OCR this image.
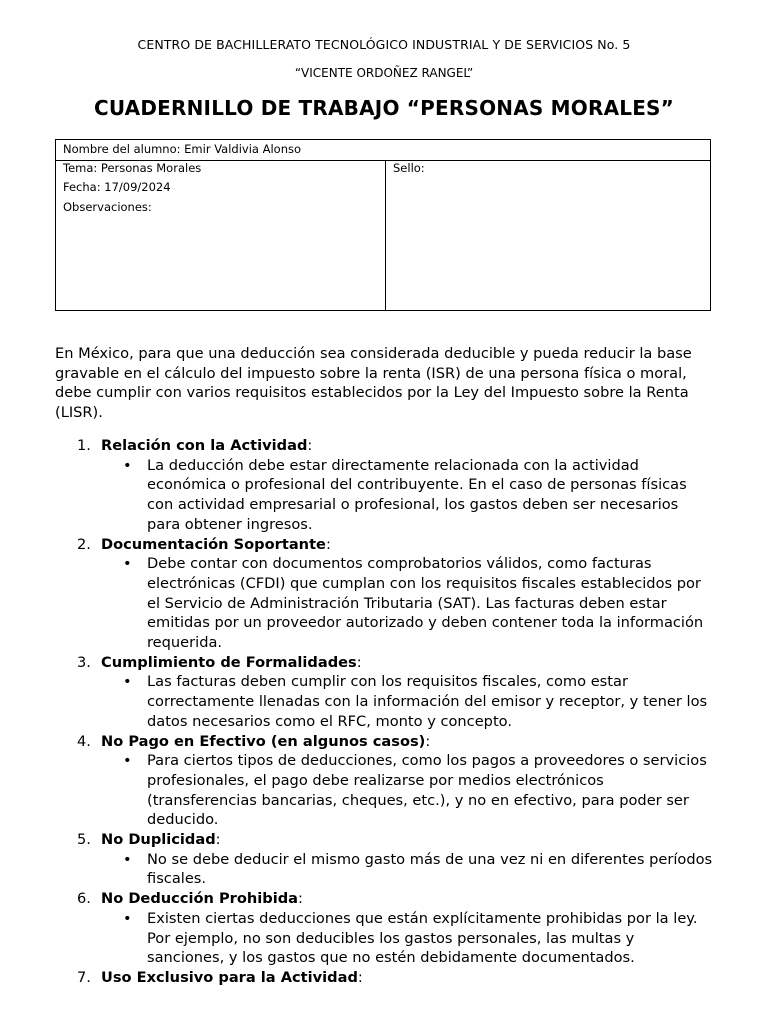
CENTRO DE BACHILLERATO TECNOLÓGICO INDUSTRIAL Y DE SERVICIOS No. 5
“VICENTE ORDOÑEZ RANGEL”
CUADERNILLO DE TRABAJO “PERSONAS MORALES”
Nombre del alumno: Emir Valdivia Alonso
Tema: Personas Morales
Fecha: 17/09/2024
Observaciones:
Sello:
En México, para que una deducción sea considerada deducible y pueda reducir la base gravable en el cálculo del impuesto sobre la renta (ISR) de una persona física o moral, debe cumplir con varios requisitos establecidos por la Ley del Impuesto sobre la Renta (LISR).
1. Relación con la Actividad:
• La deducción debe estar directamente relacionada con la actividad económica o profesional del contribuyente. En el caso de personas físicas con actividad empresarial o profesional, los gastos deben ser necesarios para obtener ingresos.
2. Documentación Soportante:
• Debe contar con documentos comprobatorios válidos, como facturas electrónicas (CFDI) que cumplan con los requisitos fiscales establecidos por el Servicio de Administración Tributaria (SAT). Las facturas deben estar emitidas por un proveedor autorizado y deben contener toda la información requerida.
3. Cumplimiento de Formalidades:
• Las facturas deben cumplir con los requisitos fiscales, como estar correctamente llenadas con la información del emisor y receptor, y tener los datos necesarios como el RFC, monto y concepto.
4. No Pago en Efectivo (en algunos casos):
• Para ciertos tipos de deducciones, como los pagos a proveedores o servicios profesionales, el pago debe realizarse por medios electrónicos (transferencias bancarias, cheques, etc.), y no en efectivo, para poder ser deducido.
5. No Duplicidad:
• No se debe deducir el mismo gasto más de una vez ni en diferentes períodos fiscales.
6. No Deducción Prohibida:
• Existen ciertas deducciones que están explícitamente prohibidas por la ley. Por ejemplo, no son deducibles los gastos personales, las multas y sanciones, y los gastos que no estén debidamente documentados.
7. Uso Exclusivo para la Actividad:
